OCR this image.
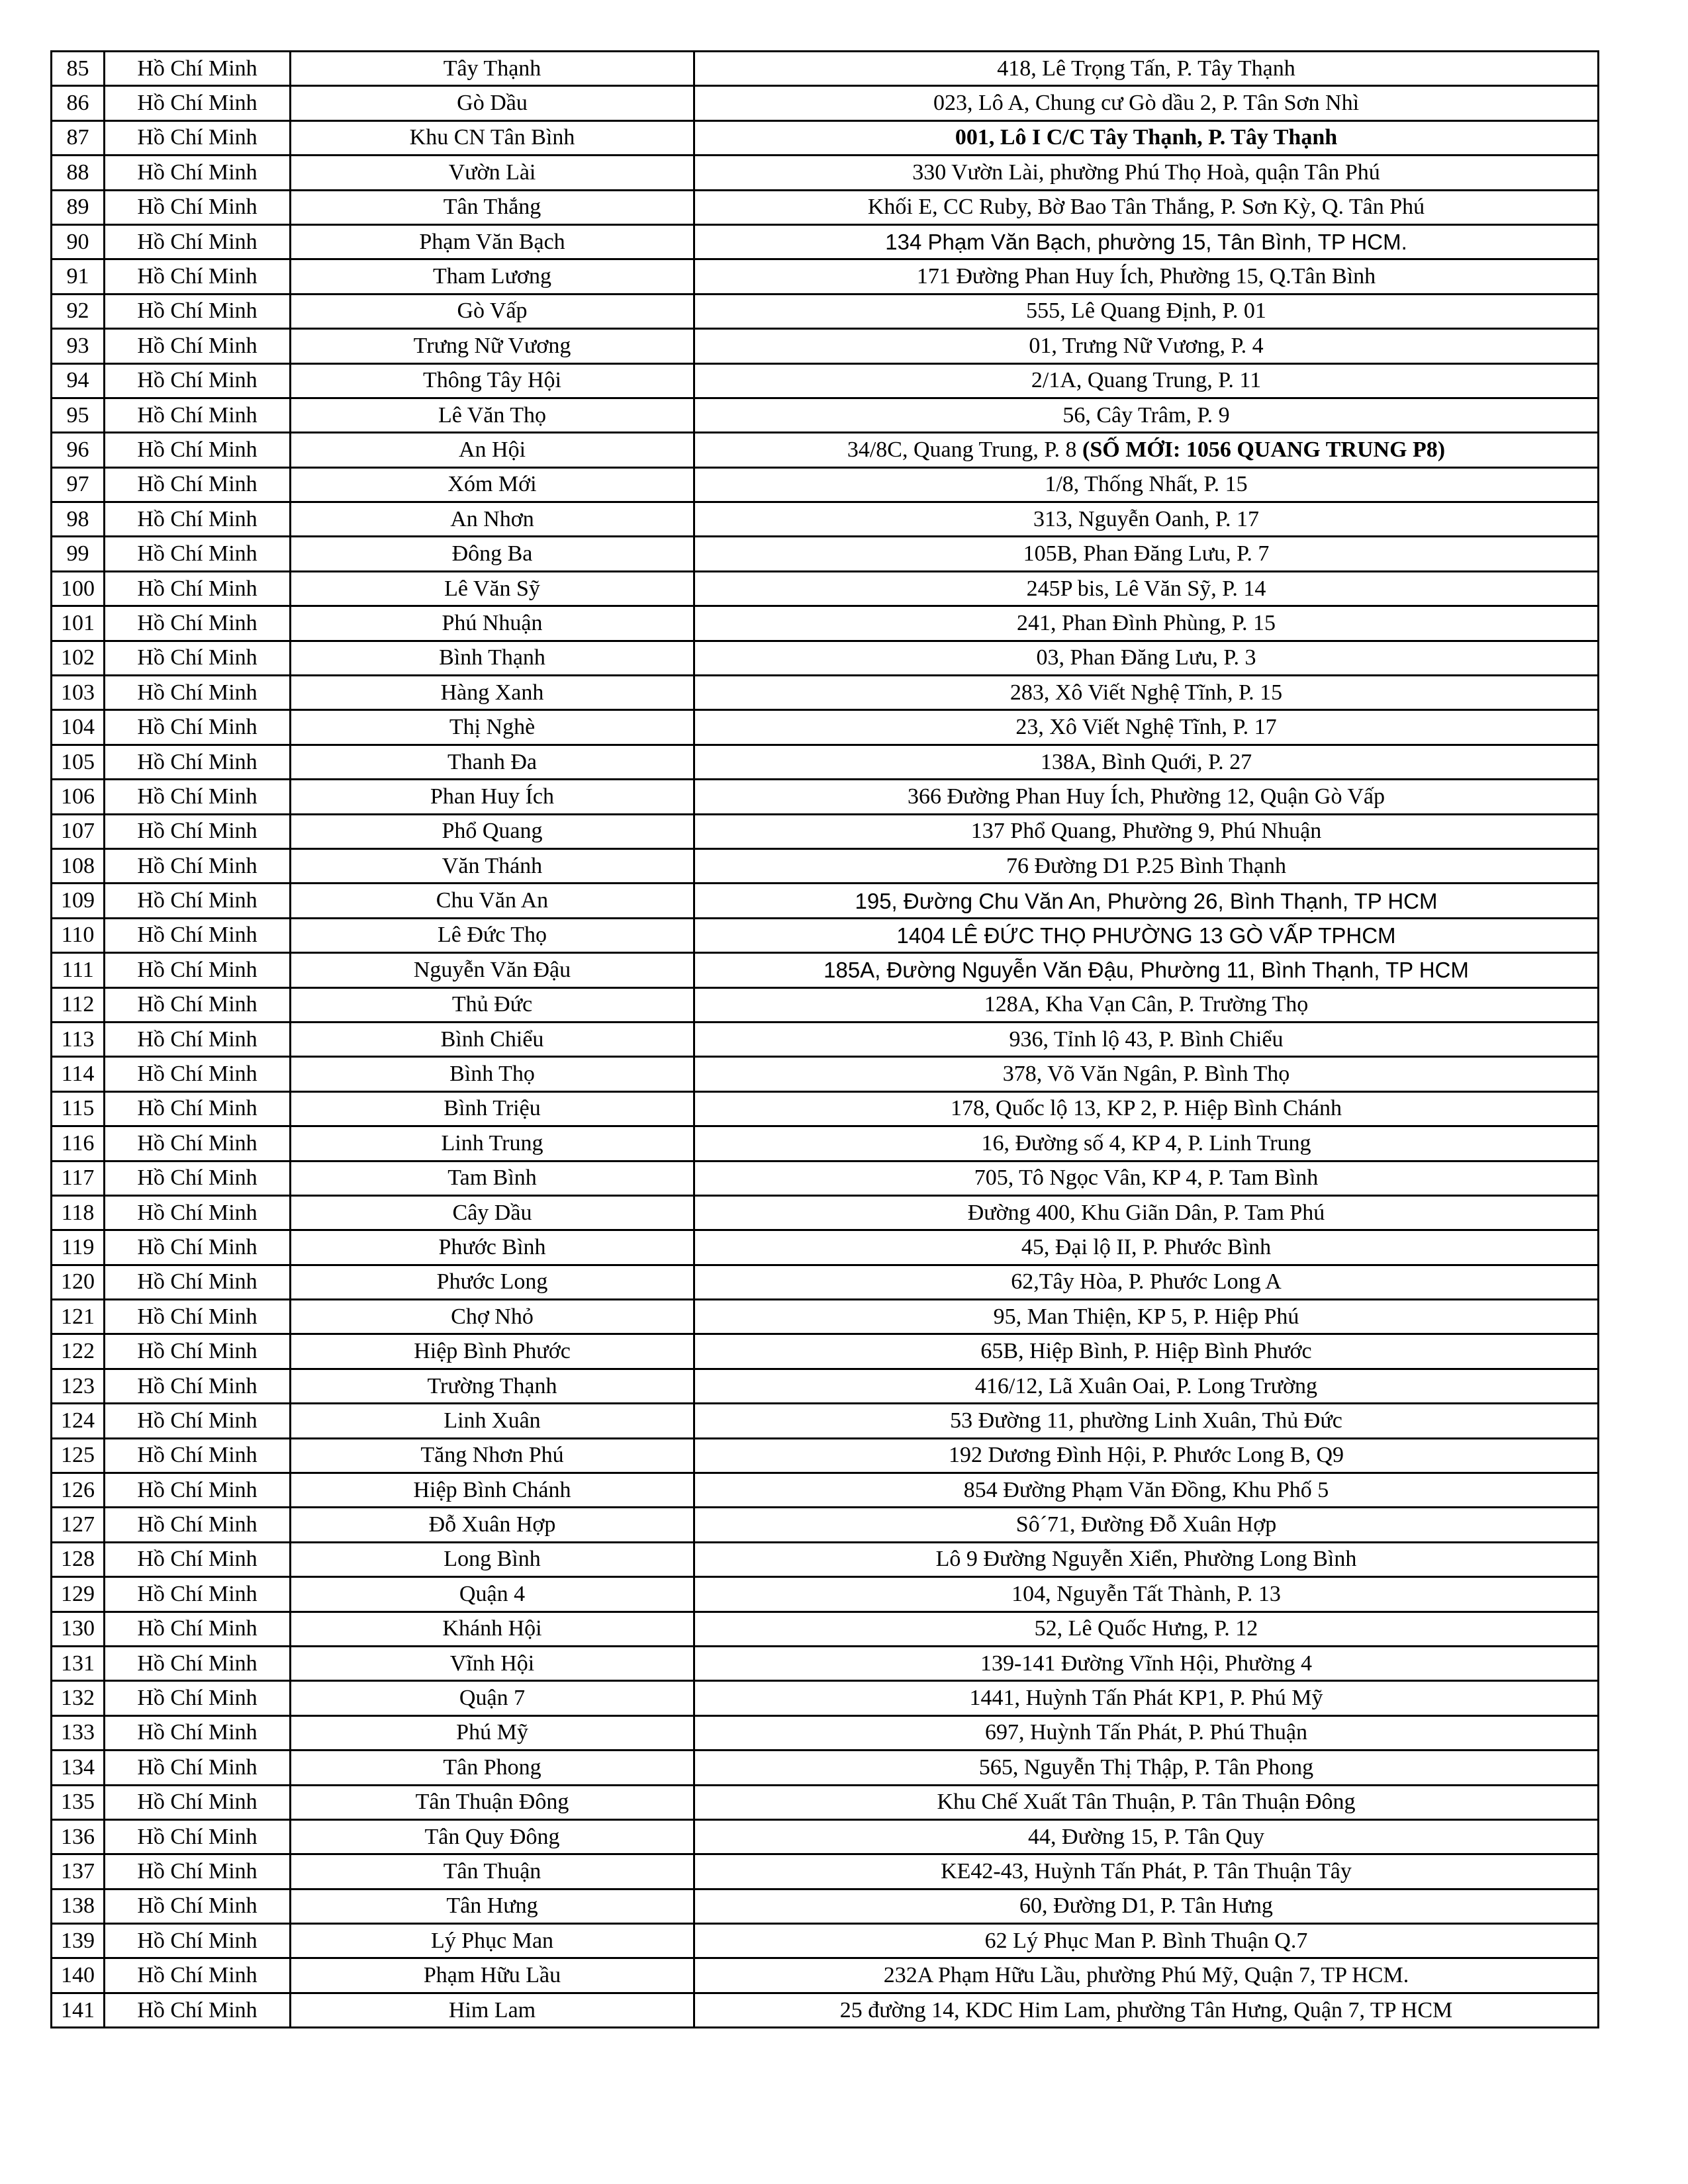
85	Hồ Chí Minh	Tây Thạnh	418, Lê Trọng Tấn, P. Tây Thạnh
86	Hồ Chí Minh	Gò Dầu	023, Lô A, Chung cư Gò dầu 2, P. Tân Sơn Nhì
87	Hồ Chí Minh	Khu CN Tân Bình	001, Lô I C/C Tây Thạnh, P. Tây Thạnh
88	Hồ Chí Minh	Vườn Lài	330 Vườn Lài, phường Phú Thọ Hoà, quận Tân Phú
89	Hồ Chí Minh	Tân Thắng	Khối E, CC Ruby, Bờ Bao Tân Thắng, P. Sơn Kỳ, Q. Tân Phú
90	Hồ Chí Minh	Phạm Văn Bạch	134 Phạm Văn Bạch, phường 15, Tân Bình, TP HCM.
91	Hồ Chí Minh	Tham Lương	171 Đường Phan Huy Ích, Phường 15, Q.Tân Bình
92	Hồ Chí Minh	Gò Vấp	555, Lê Quang Định, P. 01
93	Hồ Chí Minh	Trưng Nữ Vương	01, Trưng Nữ Vương, P. 4
94	Hồ Chí Minh	Thông Tây Hội	2/1A, Quang Trung, P. 11
95	Hồ Chí Minh	Lê Văn Thọ	56, Cây Trâm, P. 9
96	Hồ Chí Minh	An Hội	34/8C, Quang Trung, P. 8 (SỐ MỚI: 1056 QUANG TRUNG P8)
97	Hồ Chí Minh	Xóm Mới	1/8, Thống Nhất, P. 15
98	Hồ Chí Minh	An Nhơn	313, Nguyễn Oanh, P. 17
99	Hồ Chí Minh	Đông Ba	105B, Phan Đăng Lưu, P. 7
100	Hồ Chí Minh	Lê Văn Sỹ	245P bis, Lê Văn Sỹ, P. 14
101	Hồ Chí Minh	Phú Nhuận	241, Phan Đình Phùng, P. 15
102	Hồ Chí Minh	Bình Thạnh	03, Phan Đăng Lưu, P. 3
103	Hồ Chí Minh	Hàng Xanh	283, Xô Viết Nghệ Tĩnh, P. 15
104	Hồ Chí Minh	Thị Nghè	23, Xô Viết Nghệ Tĩnh, P. 17
105	Hồ Chí Minh	Thanh Đa	138A, Bình Quới, P. 27
106	Hồ Chí Minh	Phan Huy Ích	366 Đường Phan Huy Ích, Phường 12, Quận Gò Vấp
107	Hồ Chí Minh	Phổ Quang	137 Phổ Quang, Phường 9, Phú Nhuận
108	Hồ Chí Minh	Văn Thánh	76 Đường D1 P.25 Bình Thạnh
109	Hồ Chí Minh	Chu Văn An	195, Đường Chu Văn An, Phường 26, Bình Thạnh, TP HCM
110	Hồ Chí Minh	Lê Đức Thọ	1404 LÊ ĐỨC THỌ PHƯỜNG 13 GÒ VẤP TPHCM
111	Hồ Chí Minh	Nguyễn Văn Đậu	185A, Đường Nguyễn Văn Đậu, Phường 11, Bình Thạnh, TP HCM
112	Hồ Chí Minh	Thủ Đức	128A, Kha Vạn Cân, P. Trường Thọ
113	Hồ Chí Minh	Bình Chiểu	936, Tỉnh lộ 43, P. Bình Chiểu
114	Hồ Chí Minh	Bình Thọ	378, Võ Văn Ngân, P. Bình Thọ
115	Hồ Chí Minh	Bình Triệu	178, Quốc lộ 13, KP 2, P. Hiệp Bình Chánh
116	Hồ Chí Minh	Linh Trung	16, Đường số 4, KP 4, P. Linh Trung
117	Hồ Chí Minh	Tam Bình	705, Tô Ngọc Vân, KP 4, P. Tam Bình
118	Hồ Chí Minh	Cây Dầu	Đường 400, Khu Giãn Dân, P. Tam Phú
119	Hồ Chí Minh	Phước Bình	45, Đại lộ II, P. Phước Bình
120	Hồ Chí Minh	Phước Long	62,Tây Hòa, P. Phước Long A
121	Hồ Chí Minh	Chợ Nhỏ	95, Man Thiện, KP 5, P. Hiệp Phú
122	Hồ Chí Minh	Hiệp Bình Phước	65B, Hiệp Bình, P. Hiệp Bình Phước
123	Hồ Chí Minh	Trường Thạnh	416/12, Lã Xuân Oai, P. Long Trường
124	Hồ Chí Minh	Linh Xuân	53 Đường 11, phường Linh Xuân, Thủ Đức
125	Hồ Chí Minh	Tăng Nhơn Phú	192 Dương Đình Hội, P. Phước Long B, Q9
126	Hồ Chí Minh	Hiệp Bình Chánh	854 Đường Phạm Văn Đồng, Khu Phố 5
127	Hồ Chí Minh	Đỗ Xuân Hợp	Sô´71, Đường Đỗ Xuân Hợp
128	Hồ Chí Minh	Long Bình	Lô 9 Đường Nguyễn Xiển, Phường Long Bình
129	Hồ Chí Minh	Quận 4	104, Nguyễn Tất Thành, P. 13
130	Hồ Chí Minh	Khánh Hội	52, Lê Quốc Hưng, P. 12
131	Hồ Chí Minh	Vĩnh Hội	139-141 Đường Vĩnh Hội, Phường 4
132	Hồ Chí Minh	Quận 7	1441, Huỳnh Tấn Phát KP1, P. Phú Mỹ
133	Hồ Chí Minh	Phú Mỹ	697, Huỳnh Tấn Phát, P. Phú Thuận
134	Hồ Chí Minh	Tân Phong	565, Nguyễn Thị Thập, P. Tân Phong
135	Hồ Chí Minh	Tân Thuận Đông	Khu Chế Xuất Tân Thuận, P. Tân Thuận Đông
136	Hồ Chí Minh	Tân Quy Đông	44, Đường 15, P. Tân Quy
137	Hồ Chí Minh	Tân Thuận	KE42-43, Huỳnh Tấn Phát, P. Tân Thuận Tây
138	Hồ Chí Minh	Tân Hưng	60, Đường D1, P. Tân Hưng
139	Hồ Chí Minh	Lý Phục Man	62 Lý Phục Man P. Bình Thuận Q.7
140	Hồ Chí Minh	Phạm Hữu Lầu	232A Phạm Hữu Lầu, phường Phú Mỹ, Quận 7, TP HCM.
141	Hồ Chí Minh	Him Lam	25 đường 14, KDC Him Lam, phường Tân Hưng, Quận 7, TP HCM
